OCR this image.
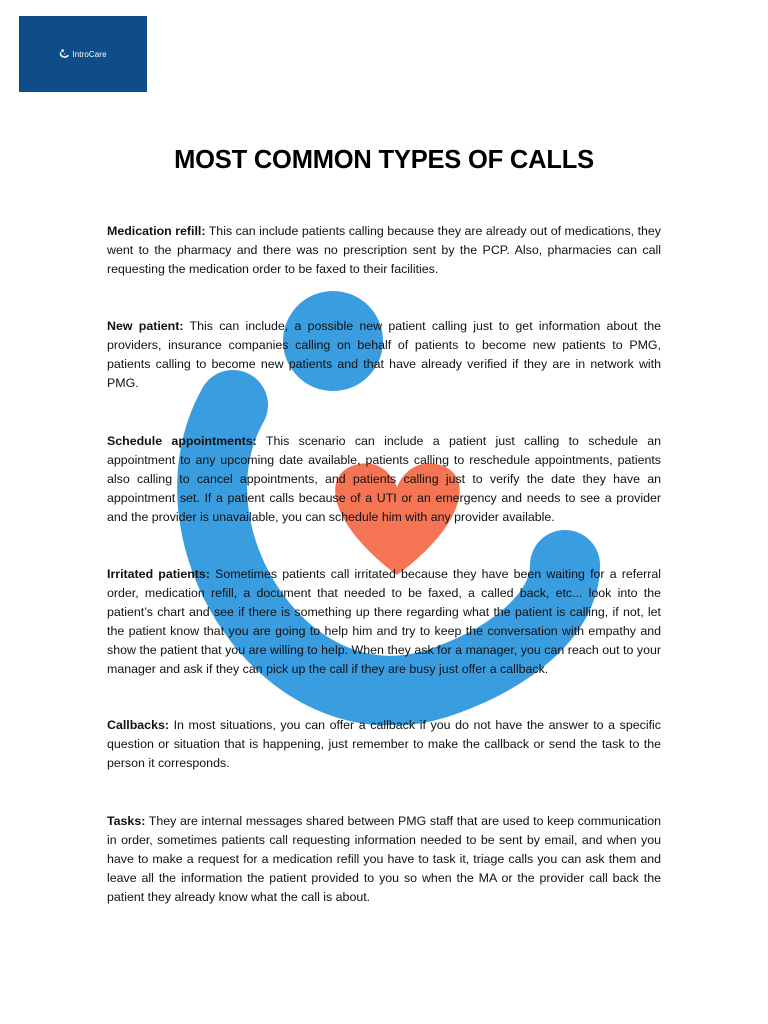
IntroCare
MOST COMMON TYPES OF CALLS

Medication refill: This can include patients calling because they are already out of medications, they went to the pharmacy and there was no prescription sent by the PCP. Also, pharmacies can call requesting the medication order to be faxed to their facilities.

New patient: This can include, a possible new patient calling just to get information about the providers, insurance companies calling on behalf of patients to become new patients to PMG, patients calling to become new patients and that have already verified if they are in network with PMG.

Schedule appointments: This scenario can include a patient just calling to schedule an appointment to any upcoming date available, patients calling to reschedule appointments, patients also calling to cancel appointments, and patients calling just to verify the date they have an appointment set. If a patient calls because of a UTI or an emergency and needs to see a provider and the provider is unavailable, you can schedule him with any provider available.

Irritated patients: Sometimes patients call irritated because they have been waiting for a referral order, medication refill, a document that needed to be faxed, a called back, etc... look into the patient’s chart and see if there is something up there regarding what the patient is calling, if not, let the patient know that you are going to help him and try to keep the conversation with empathy and show the patient that you are willing to help. When they ask for a manager, you can reach out to your manager and ask if they can pick up the call if they are busy just offer a callback.

Callbacks: In most situations, you can offer a callback if you do not have the answer to a specific question or situation that is happening, just remember to make the callback or send the task to the person it corresponds.

Tasks: They are internal messages shared between PMG staff that are used to keep communication in order, sometimes patients call requesting information needed to be sent by email, and when you have to make a request for a medication refill you have to task it, triage calls you can ask them and leave all the information the patient provided to you so when the MA or the provider call back the patient they already know what the call is about.
